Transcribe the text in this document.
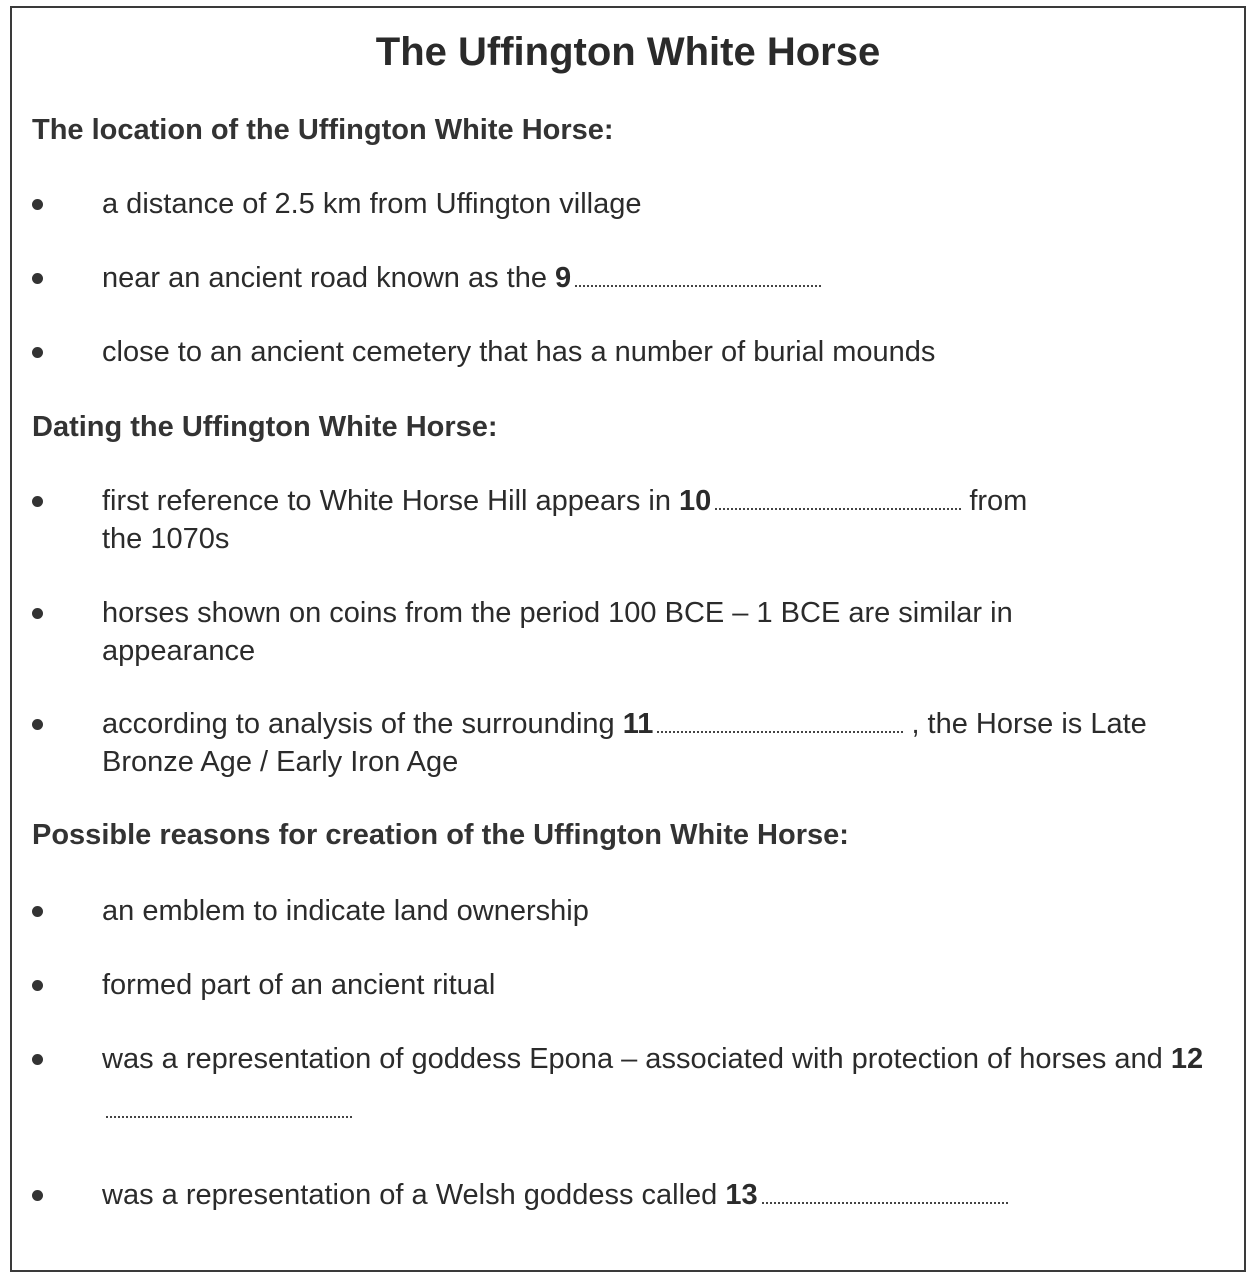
The Uffington White Horse
The location of the Uffington White Horse:
a distance of 2.5 km from Uffington village
near an ancient road known as the 9
close to an ancient cemetery that has a number of burial mounds
Dating the Uffington White Horse:
first reference to White Horse Hill appears in 10	from the 1070s
horses shown on coins from the period 100 BCE – 1 BCE are similar in appearance
according to analysis of the surrounding 11	, the Horse is Late Bronze Age / Early Iron Age
Possible reasons for creation of the Uffington White Horse:
an emblem to indicate land ownership
formed part of an ancient ritual
was a representation of goddess Epona – associated with protection of horses and 12
was a representation of a Welsh goddess called 13
